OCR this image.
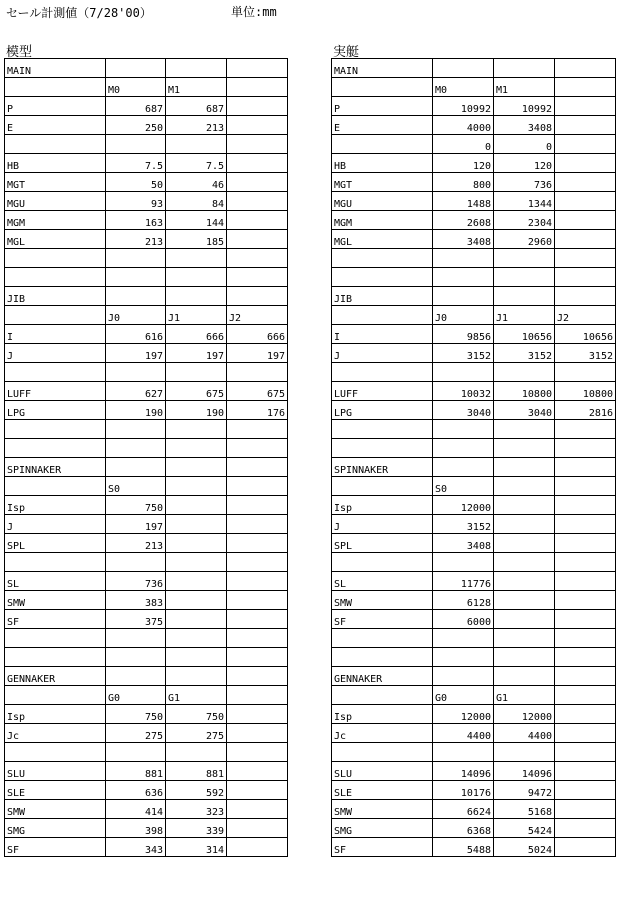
セール計測値（7/28'00）	単位:mm
模型	実艇
MAIN			
	M0	M1	
P	687	687	
E	250	213	

HB	7.5	7.5	
MGT	50	46	
MGU	93	84	
MGM	163	144	
MGL	213	185	

JIB			
	J0	J1	J2
I	616	666	666
J	197	197	197

LUFF	627	675	675
LPG	190	190	176

SPINNAKER			
	S0		
Isp	750		
J	197		
SPL	213		

SL	736		
SMW	383		
SF	375		

GENNAKER			
	G0	G1	
Isp	750	750	
Jc	275	275	

SLU	881	881	
SLE	636	592	
SMW	414	323	
SMG	398	339	
SF	343	314	
MAIN			
	M0	M1	
P	10992	10992	
E	4000	3408	
	0	0	
HB	120	120	
MGT	800	736	
MGU	1488	1344	
MGM	2608	2304	
MGL	3408	2960	

JIB			
	J0	J1	J2
I	9856	10656	10656
J	3152	3152	3152

LUFF	10032	10800	10800
LPG	3040	3040	2816

SPINNAKER			
	S0		
Isp	12000		
J	3152		
SPL	3408		

SL	11776		
SMW	6128		
SF	6000		

GENNAKER			
	G0	G1	
Isp	12000	12000	
Jc	4400	4400	

SLU	14096	14096	
SLE	10176	9472	
SMW	6624	5168	
SMG	6368	5424	
SF	5488	5024	
